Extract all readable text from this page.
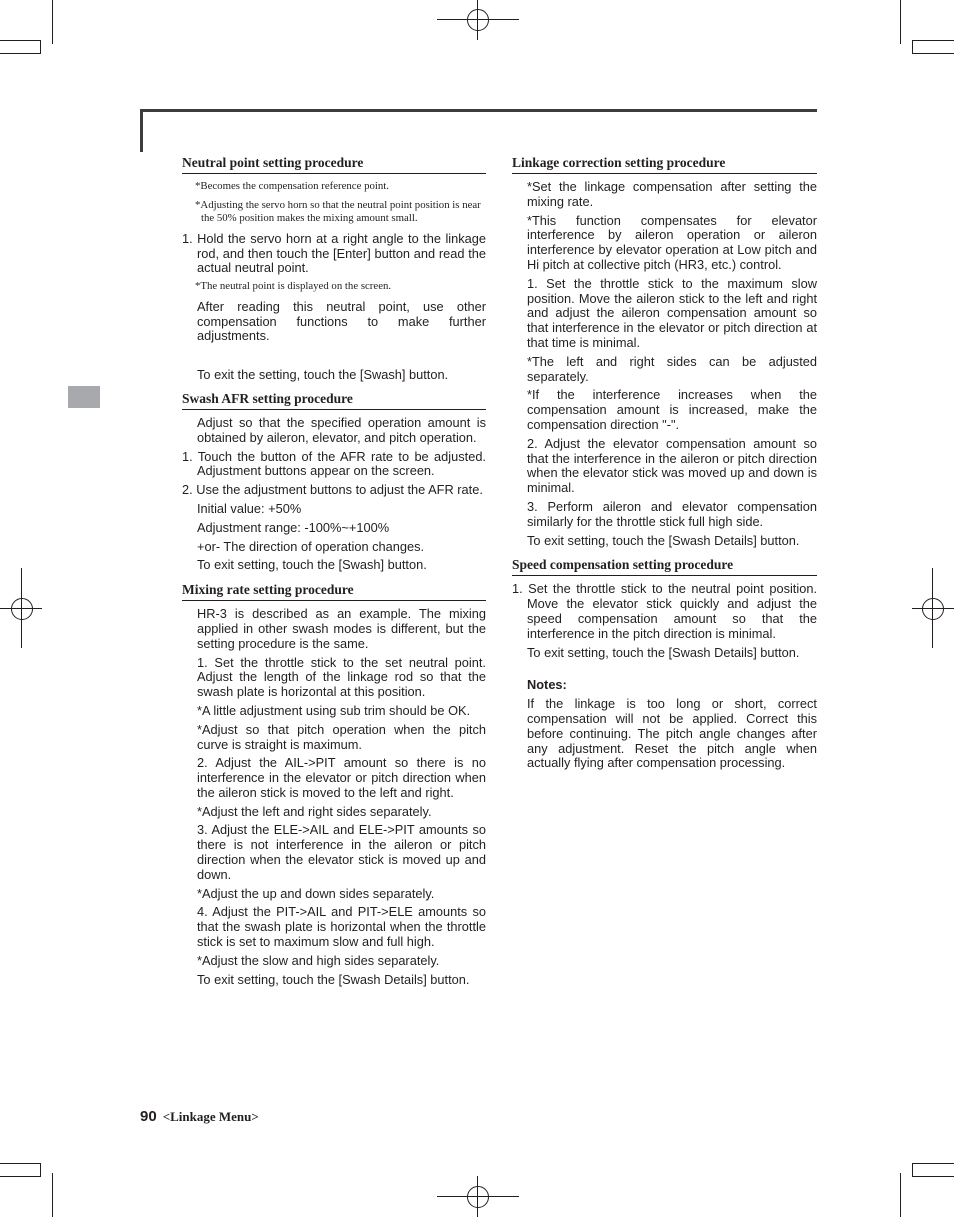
Neutral point setting procedure
*Becomes the compensation reference point.
*Adjusting the servo horn so that the neutral point position is near the 50% position makes the mixing amount small.
1. Hold the servo horn at a right angle to the linkage rod, and then touch the [Enter] button and read the actual neutral point.
*The neutral point is displayed on the screen.
After reading this neutral point, use other compensation functions to make further adjustments.
To exit the setting, touch the [Swash] button.
Swash AFR setting procedure
Adjust so that the specified operation amount is obtained by aileron, elevator, and pitch operation.
1. Touch the button of the AFR rate to be adjusted. Adjustment buttons appear on the screen.
2. Use the adjustment buttons to adjust the AFR rate.
Initial value: +50%
Adjustment range: -100%~+100%
+or- The direction of operation changes.
To exit setting, touch the [Swash] button.
Mixing rate setting procedure
HR-3 is described as an example. The mixing applied in other swash modes is different, but the setting procedure is the same.
1. Set the throttle stick to the set neutral point. Adjust the length of the linkage rod so that the swash plate is horizontal at this position.
*A little adjustment using sub trim should be OK.
*Adjust so that pitch operation when the pitch curve is straight is maximum.
2. Adjust the AIL->PIT amount so there is no interference in the elevator or pitch direction when the aileron stick is moved to the left and right.
*Adjust the left and right sides separately.
3. Adjust the ELE->AIL and ELE->PIT amounts so there is not interference in the aileron or pitch direction when the elevator stick is moved up and down.
*Adjust the up and down sides separately.
4. Adjust the PIT->AIL and PIT->ELE amounts so that the swash plate is horizontal when the throttle stick is set to maximum slow and full high.
*Adjust the slow and high sides separately.
To exit setting, touch the [Swash Details] button.
Linkage correction setting procedure
*Set the linkage compensation after setting the mixing rate.
*This function compensates for elevator interference by aileron operation or aileron interference by elevator operation at Low pitch and Hi pitch at collective pitch (HR3, etc.) control.
1. Set the throttle stick to the maximum slow position. Move the aileron stick to the left and right and adjust the aileron compensation amount so that interference in the elevator or pitch direction at that time is minimal.
*The left and right sides can be adjusted separately.
*If the interference increases when the compensation amount is increased, make the compensation direction "-".
2. Adjust the elevator compensation amount so that the interference in the aileron or pitch direction when the elevator stick was moved up and down is minimal.
3. Perform aileron and elevator compensation similarly for the throttle stick full high side.
To exit setting, touch the [Swash Details] button.
Speed compensation setting procedure
1. Set the throttle stick to the neutral point position. Move the elevator stick quickly and adjust the speed compensation amount so that the interference in the pitch direction is minimal.
To exit setting, touch the [Swash Details] button.
Notes:
If the linkage is too long or short, correct compensation will not be applied. Correct this before continuing. The pitch angle changes after any adjustment. Reset the pitch angle when actually flying after compensation processing.
90 <Linkage Menu>
